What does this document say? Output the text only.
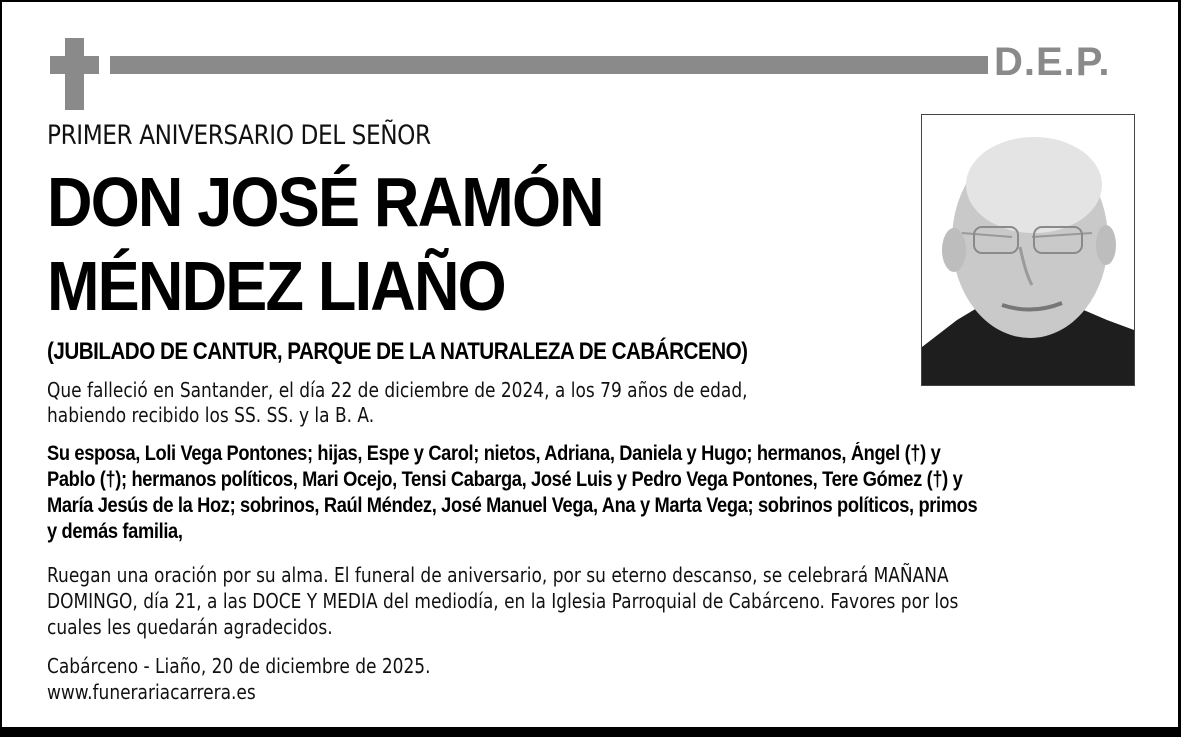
D.E.P.
PRIMER ANIVERSARIO DEL SEÑOR
DON JOSÉ RAMÓN
MÉNDEZ LIAÑO
(JUBILADO DE CANTUR, PARQUE DE LA NATURALEZA DE CABÁRCENO)
Que falleció en Santander, el día 22 de diciembre de 2024, a los 79 años de edad,
habiendo recibido los SS. SS. y la B. A.
Su esposa, Loli Vega Pontones; hijas, Espe y Carol; nietos, Adriana, Daniela y Hugo; hermanos, Ángel (†) y
Pablo (†); hermanos políticos, Mari Ocejo, Tensi Cabarga, José Luis y Pedro Vega Pontones, Tere Gómez (†) y
María Jesús de la Hoz; sobrinos, Raúl Méndez, José Manuel Vega, Ana y Marta Vega; sobrinos políticos, primos
y demás familia,
Ruegan una oración por su alma. El funeral de aniversario, por su eterno descanso, se celebrará MAÑANA
DOMINGO, día 21, a las DOCE Y MEDIA del mediodía, en la Iglesia Parroquial de Cabárceno. Favores por los
cuales les quedarán agradecidos.
Cabárceno - Liaño, 20 de diciembre de 2025.
www.funerariacarrera.es
